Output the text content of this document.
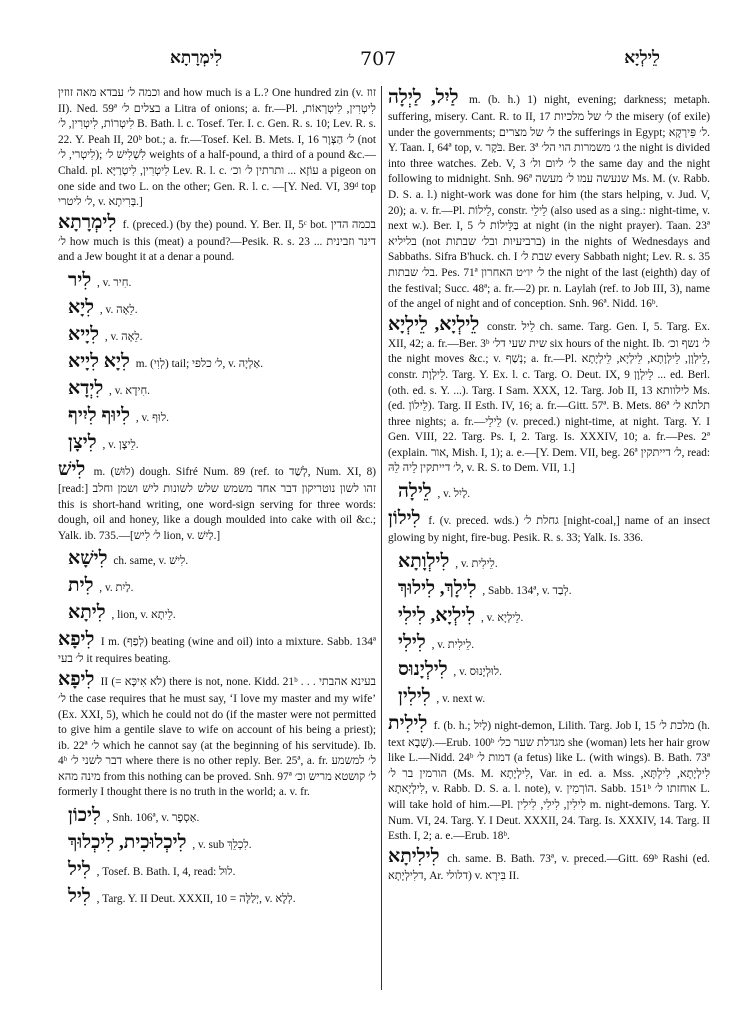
לִימְרָתָא	707	לֵילְיָא

וכמה ל׳ עבדא מאה זוזין and how much is a L.? One hundred zin (v. זוז II). Ned. 59ª בצלים ל׳ a Litra of onions; a. fr.—Pl. לִיטְרִין, לִיטְרְאוֹת, לִיטְרוֹת, לִיטְרִין, ל׳ B. Bath. l. c. Tosef. Ter. I. c. Gen. R. s. 10; Lev. R. s. 22. Y. Peah II, 20ᵇ bot.; a. fr.—Tosef. Kel. B. Mets. I, 16 ל׳ הַצְּוָר (not לִיטְרי, ל׳); לִשְׁלִישׁ ל׳ weights of a half-pound, a third of a pound &c.—Chald. pl. לִיטְרִין, לִיטְרַיָּא Lev. R. l. c. עוֹזָא ... ותרתין ל׳ וכ׳ a pigeon on one side and two L. on the other; Gen. R. l. c. —[Y. Ned. VI, 39ᵈ top ל׳ ליטרי, v. בְּרִיתָא.]

לִימְרָתָא f. (preced.) (by the) pound. Y. Ber. II, 5ᶜ bot. בכמה הדין ל׳ how much is this (meat) a pound?—Pesik. R. s. 23 ... דינר וזבינית and a Jew bought it at a denar a pound.

לִיר , v. חִיר.

לִיָא , v. לֵאָה.

לִיָיא , v. לֵאָה.

לִיָא לִיָיא m. (לְוִי) tail; ל׳ כלפי, v. אַלְיָה.

לִיְדָא , v. חִידָא.

לִיוּף לִיִיף , v. לוּף.

לִיצָן , v. לֵיצָן.

לִישׁ m. (לוּשׁ) dough. Sifré Num. 89 (ref. to לְשַׁד, Num. XI, 8) [read:] זהו לשון נוטריקון דבר אחד משמש שלש לשונות לישׁ ושמן וחלב this is short-hand writing, one word-sign serving for three words: dough, oil and honey, like a dough moulded into cake with oil &c.; Yalk. ib. 735.—[ל׳ לִיש lion, v. לַיִשׁ.]

לִישָׁא ch. same, v. לִישׁ.

לִית , v. לַיִת.

לִיתָא , lion, v. לֵיתָא.

לִיפָא I m. (לְפַף) beating (wine and oil) into a mixture. Sabb. 134ª ל׳ בעי it requires beating.

לִיפָא II (= לֹא אִיכָּא) there is not, none. Kidd. 21ᵇ בעינא אהבתי . . . ל׳ the case requires that he must say, ‘I love my master and my wife’ (Ex. XXI, 5), which he could not do (if the master were not permitted to give him a gentile slave to wife on account of his being a priest); ib. 22ª ל׳ which he cannot say (at the beginning of his servitude). Ib. 4ᵇ דבר לשני ל׳ where there is no other reply. Ber. 25ª, a. fr. ל׳ למשמע מינה מהא from this nothing can be proved. Snh. 97ª ל׳ קושטא מריש וכ׳ formerly I thought there is no truth in the world; a. v. fr.

לִיכוֹן , Snh. 106ª, v. אַסְפָר.

לִיכְלוּכִית, לִיכְלוּךְ , v. sub לִכְלֵךְ.

לִיל , Tosef. B. Bath. I, 4, read: לוּל.

לִיל , Targ. Y. II Deut. XXXII, 10 = יְלַלָּה, v. לְלָא.

לַיִל, לַיְלָה m. (b. h.) 1) night, evening; darkness; metaph. suffering, misery. Cant. R. to II, 17 ל׳ של מלכיות the misery (of exile) under the governments; ל׳ של מצרים the sufferings in Egypt; ל׳ פִּירְקָא. Y. Taan. I, 64ª top, v. בֹּקֶר. Ber. 3ª ג׳ משמרות הוי הל׳ the night is divided into three watches. Zeb. V, 3 ל׳ ליום ול׳ the same day and the night following to midnight. Snh. 96ª שנעשה עמו ל׳ מעשה Ms. M. (v. Rabb. D. S. a. l.) night-work was done for him (the stars helping, v. Jud. V, 20); a. v. fr.—Pl. לֵילוֹת, constr. לֵילֵי (also used as a sing.: night-time, v. next w.). Ber. I, 5 בַּלֵּילוֹת ל׳ at night (in the night prayer). Taan. 23ª בליליא (not ברביעיות ובל׳ שבתות) in the nights of Wednesdays and Sabbaths. Sifra B'huck. ch. I שבת ל׳ every Sabbath night; Lev. R. s. 35 בל׳ שבתות. Pes. 71ª ל׳ יו״ט האחרון the night of the last (eighth) day of the festival; Succ. 48ª; a. fr.—2) pr. n. Laylah (ref. to Job III, 3), name of the angel of night and of conception. Snh. 96ª. Nidd. 16ᵇ.

לֵילְיָא, לֵילְיָא constr. לֵיל ch. same. Targ. Gen. I, 5. Targ. Ex. XII, 42; a. fr.—Ber. 3ᵇ שית שעי דל׳ six hours of the night. Ib. ל׳ נשף וכ׳ the night moves &c.; v. נְשַׁף; a. fr.—Pl. לֵילְוָן, לֵילְוָתָא, לֵילְיָא, לֵילְיָתָא, constr. לֵילְוָת. Targ. Y. Ex. l. c. Targ. O. Deut. IX, 9 לֵילְוָן ... ed. Berl. (oth. ed. s. Y. ...). Targ. I Sam. XXX, 12. Targ. Job II, 13 לילוותא Ms. (ed. לֵילוֹן). Targ. II Esth. IV, 16; a. fr.—Gitt. 57ª. B. Mets. 86ª תלתא ל׳ three nights; a. fr.—לֵילֵי (v. preced.) night-time, at night. Targ. Y. I Gen. VIII, 22. Targ. Ps. I, 2. Targ. Is. XXXIV, 10; a. fr.—Pes. 2ª (explain. אור, Mish. I, 1); a. e.—[Y. Dem. VII, beg. 26ª ל׳ דייתקין, read: ל׳ דייתקין לֵיה לֵהּ, v. R. S. to Dem. VII, 1.]

לֵילָה , v. לַיִל.

לִילוֹן f. (v. preced. wds.) גחלת ל׳ [night-coal,] name of an insect glowing by night, fire-bug. Pesik. R. s. 33; Yalk. Is. 336.

לִילְוָתָא , v. לֵילִית.

לִילָךְ, לִילוּךְ , Sabb. 134ª, v. לְבַד.

לִילְיָא, לִילִי , v. לֵילְיָא.

לִילִי , v. לֵילִית.

לִילְיָנוּס , v. לוּלְיָנוּס.

לִילִין , v. next w.

לִילִית f. (b. h.; לַיִל) night-demon, Lilith. Targ. Job I, 15 מלכת ל׳ (h. text שְׁבָא).—Erub. 100ᵇ מגדלת שער כל׳ she (woman) lets her hair grow like L.—Nidd. 24ᵇ דמות ל׳ (a fetus) like L. (with wings). B. Bath. 73ª הורמין בר ל׳ (Ms. M. לִילְיָתָא, Var. in ed. a. Mss. לִילְיָתָא, לִילְתָּא, לִילְיָאתָא, v. Rabb. D. S. a. l. note), v. הוֹרְמִין. Sabb. 151ᵇ אוחזתו ל׳ L. will take hold of him.—Pl. לִילִין, לִילִי, לִילִין m. night-demons. Targ. Y. Num. VI, 24. Targ. Y. I Deut. XXXII, 24. Targ. Is. XXXIV, 14. Targ. II Esth. I, 2; a. e.—Erub. 18ᵇ.

לִילִיתָא ch. same. B. Bath. 73ª, v. preced.—Gitt. 69ᵇ Rashi (ed. דלִילְיָתָא, Ar. דלולי) v. בִּירָא II.
